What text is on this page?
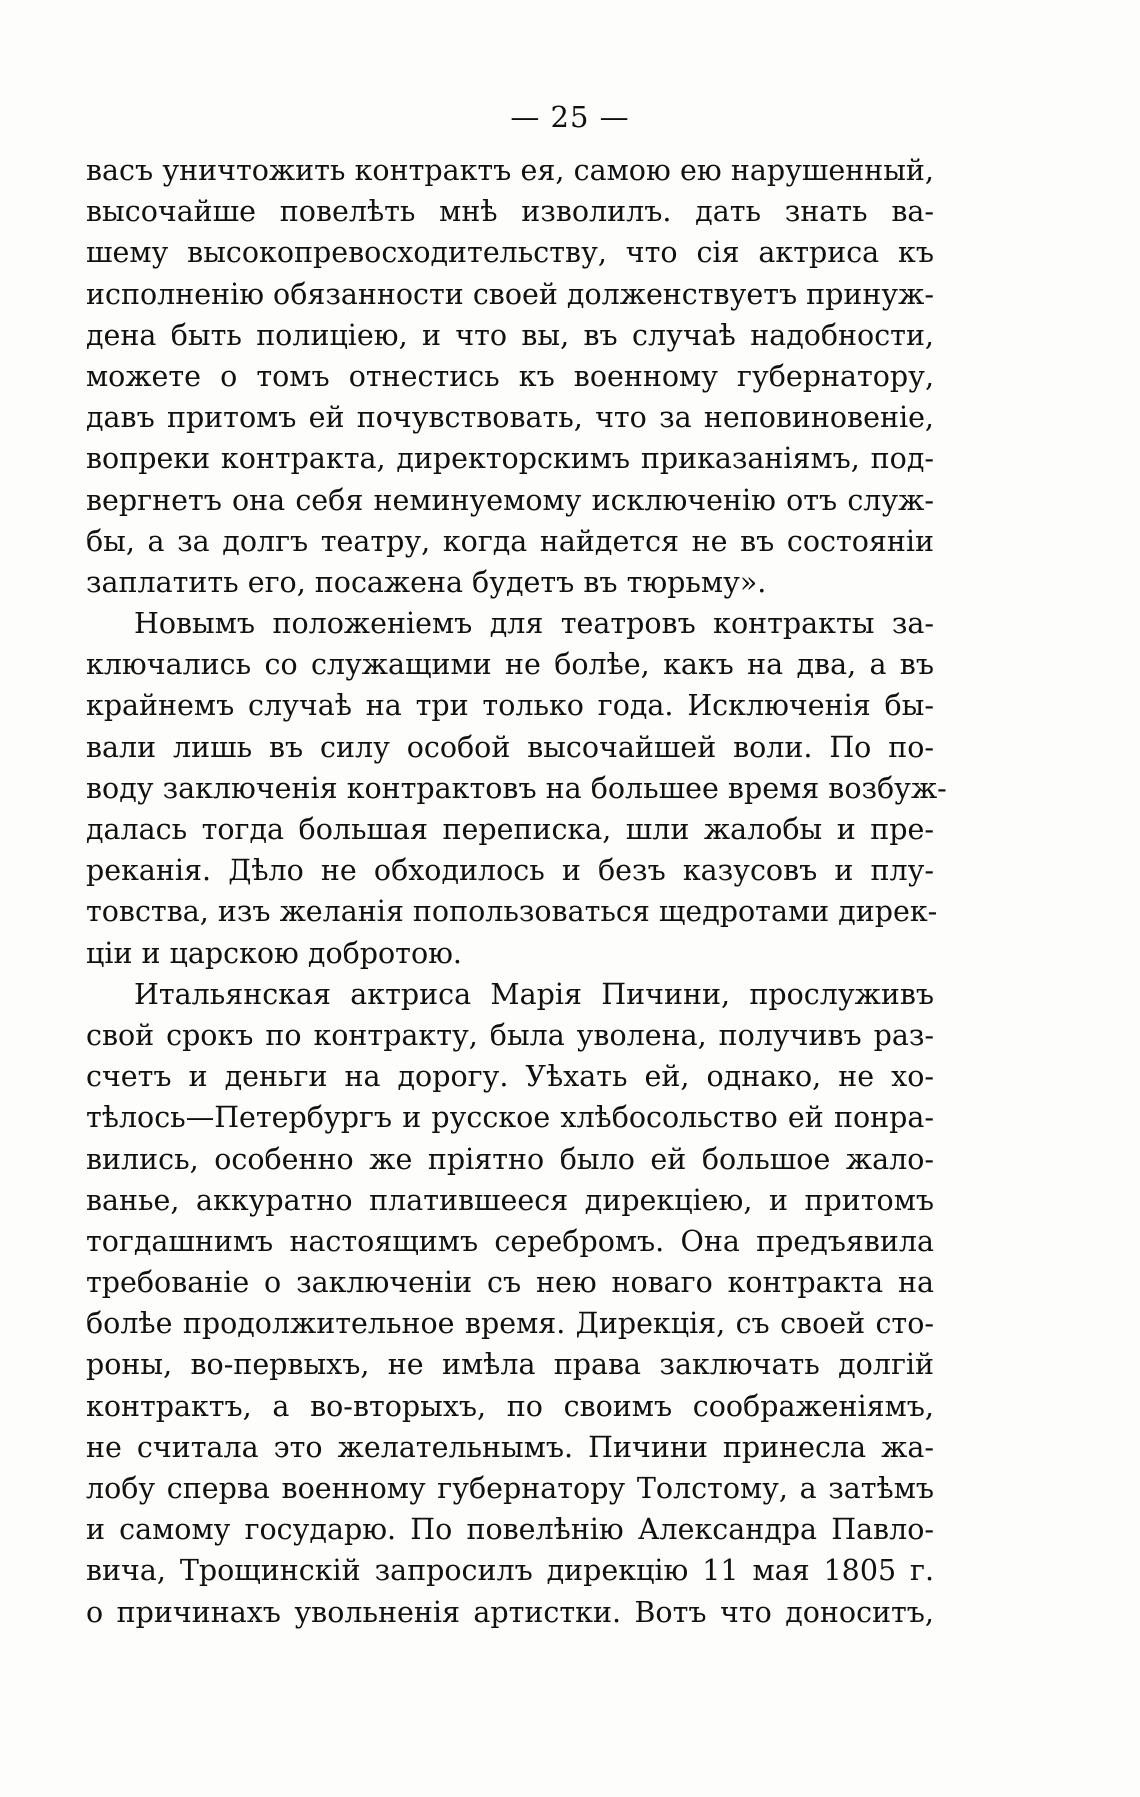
— 25 —
васъ уничтожить контрактъ ея, самою ею нарушенный,
высочайше повелѣть мнѣ изволилъ. дать знать ва-
шему высокопревосходительству, что сія актриса къ
исполненію обязанности своей долженствуетъ принуж-
дена быть полиціею, и что вы, въ случаѣ надобности,
можете о томъ отнестись къ военному губернатору,
давъ притомъ ей почувствовать, что за неповиновеніе,
вопреки контракта, директорскимъ приказаніямъ, под-
вергнетъ она себя неминуемому исключенію отъ служ-
бы, а за долгъ театру, когда найдется не въ состояніи
заплатить его, посажена будетъ въ тюрьму».
Новымъ положеніемъ для театровъ контракты за-
ключались со служащими не болѣе, какъ на два, а въ
крайнемъ случаѣ на три только года. Исключенія бы-
вали лишь въ силу особой высочайшей воли. По по-
воду заключенія контрактовъ на большее время возбуж-
далась тогда большая переписка, шли жалобы и пре-
реканія. Дѣло не обходилось и безъ казусовъ и плу-
товства, изъ желанія попользоваться щедротами дирек-
ціи и царскою добротою.
Итальянская актриса Марія Пичини, прослуживъ
свой срокъ по контракту, была уволена, получивъ раз-
счетъ и деньги на дорогу. Уѣхать ей, однако, не хо-
тѣлось—Петербургъ и русское хлѣбосольство ей понра-
вились, особенно же пріятно было ей большое жало-
ванье, аккуратно платившееся дирекціею, и притомъ
тогдашнимъ настоящимъ серебромъ. Она предъявила
требованіе о заключеніи съ нею новаго контракта на
болѣе продолжительное время. Дирекція, съ своей сто-
роны, во-первыхъ, не имѣла права заключать долгій
контрактъ, а во-вторыхъ, по своимъ соображеніямъ,
не считала это желательнымъ. Пичини принесла жа-
лобу сперва военному губернатору Толстому, а затѣмъ
и самому государю. По повелѣнію Александра Павло-
вича, Трощинскій запросилъ дирекцію 11 мая 1805 г.
о причинахъ увольненія артистки. Вотъ что доноситъ,
